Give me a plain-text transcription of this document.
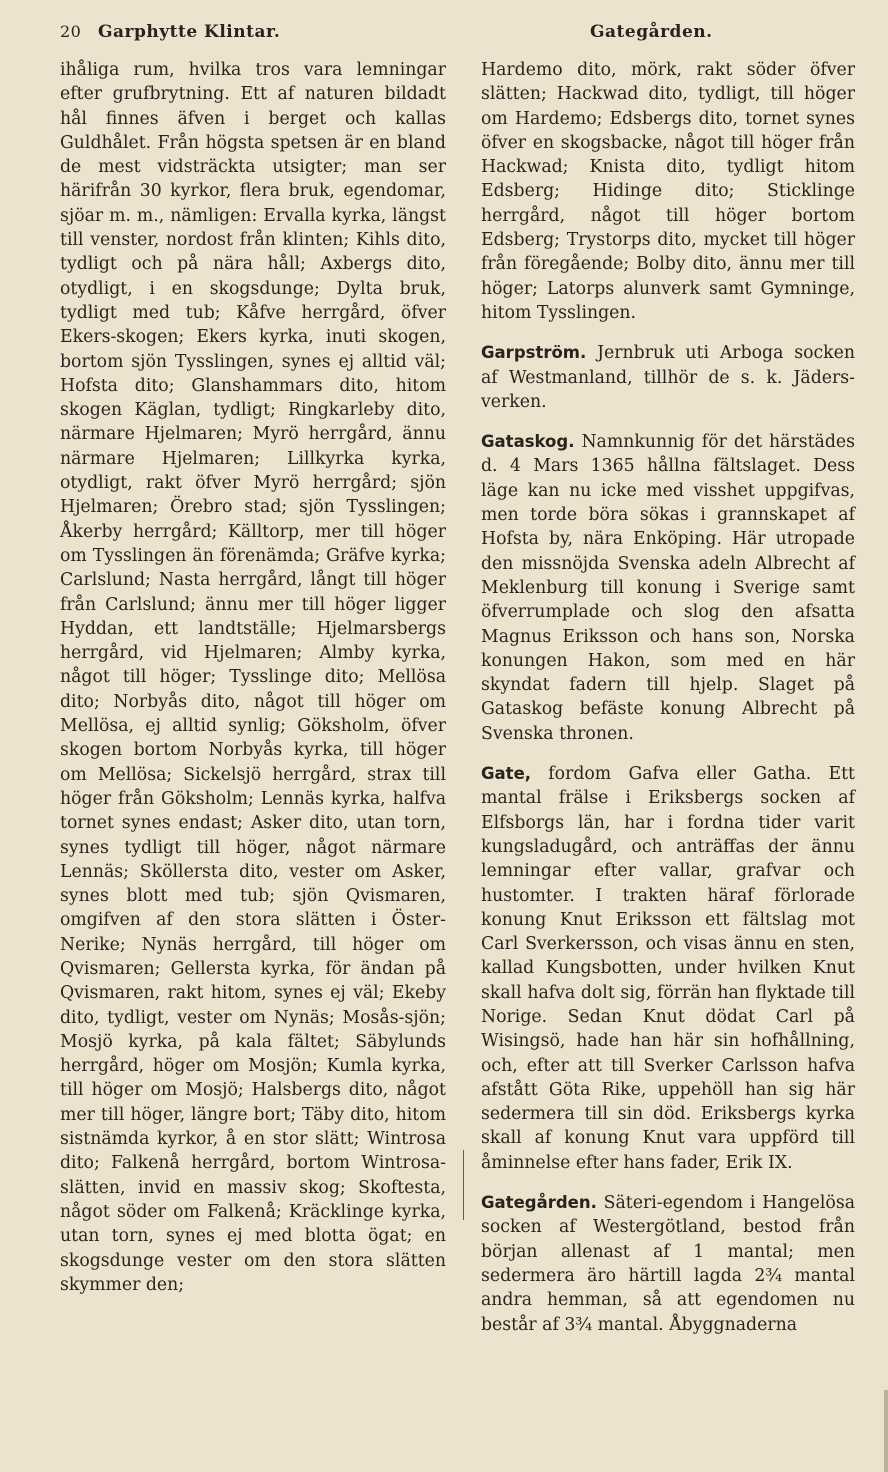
20 Garphytte Klintar.	Gategården.

ihåliga rum, hvilka tros vara lemningar efter grufbrytning. Ett af naturen bildadt hål finnes äfven i berget och kallas Guldhålet. Från högsta spetsen är en bland de mest vidsträckta utsigter; man ser härifrån 30 kyrkor, flera bruk, egendomar, sjöar m. m., nämligen: Ervalla kyrka, längst till venster, nordost från klinten; Kihls dito, tydligt och på nära håll; Axbergs dito, otydligt, i en skogsdunge; Dylta bruk, tydligt med tub; Kåfve herrgård, öfver Ekers-skogen; Ekers kyrka, inuti skogen, bortom sjön Tysslingen, synes ej alltid väl; Hofsta dito; Glanshammars dito, hitom skogen Käglan, tydligt; Ringkarleby dito, närmare Hjelmaren; Myrö herrgård, ännu närmare Hjelmaren; Lillkyrka kyrka, otydligt, rakt öfver Myrö herrgård; sjön Hjelmaren; Örebro stad; sjön Tysslingen; Åkerby herrgård; Källtorp, mer till höger om Tysslingen än förenämda; Gräfve kyrka; Carlslund; Nasta herrgård, långt till höger från Carlslund; ännu mer till höger ligger Hyddan, ett landtställe; Hjelmarsbergs herrgård, vid Hjelmaren; Almby kyrka, något till höger; Tysslinge dito; Mellösa dito; Norbyås dito, något till höger om Mellösa, ej alltid synlig; Göksholm, öfver skogen bortom Norbyås kyrka, till höger om Mellösa; Sickelsjö herrgård, strax till höger från Göksholm; Lennäs kyrka, halfva tornet synes endast; Asker dito, utan torn, synes tydligt till höger, något närmare Lennäs; Sköllersta dito, vester om Asker, synes blott med tub; sjön Qvismaren, omgifven af den stora slätten i Öster-Nerike; Nynäs herrgård, till höger om Qvismaren; Gellersta kyrka, för ändan på Qvismaren, rakt hitom, synes ej väl; Ekeby dito, tydligt, vester om Nynäs; Mosås-sjön; Mosjö kyrka, på kala fältet; Säbylunds herrgård, höger om Mosjön; Kumla kyrka, till höger om Mosjö; Halsbergs dito, något mer till höger, längre bort; Täby dito, hitom sistnämda kyrkor, å en stor slätt; Wintrosa dito; Falkenå herrgård, bortom Wintrosa-slätten, invid en massiv skog; Skoftesta, något söder om Falkenå; Kräcklinge kyrka, utan torn, synes ej med blotta ögat; en skogsdunge vester om den stora slätten skymmer den;

Hardemo dito, mörk, rakt söder öfver slätten; Hackwad dito, tydligt, till höger om Hardemo; Edsbergs dito, tornet synes öfver en skogsbacke, något till höger från Hackwad; Knista dito, tydligt hitom Edsberg; Hidinge dito; Sticklinge herrgård, något till höger bortom Edsberg; Trystorps dito, mycket till höger från föregående; Bolby dito, ännu mer till höger; Latorps alunverk samt Gymninge, hitom Tysslingen.

Garpström. Jernbruk uti Arboga socken af Westmanland, tillhör de s. k. Jäders-verken.

Gataskog. Namnkunnig för det härstädes d. 4 Mars 1365 hållna fältslaget. Dess läge kan nu icke med visshet uppgifvas, men torde böra sökas i grannskapet af Hofsta by, nära Enköping. Här utropade den missnöjda Svenska adeln Albrecht af Meklenburg till konung i Sverige samt öfverrumplade och slog den afsatta Magnus Eriksson och hans son, Norska konungen Hakon, som med en här skyndat fadern till hjelp. Slaget på Gataskog befäste konung Albrecht på Svenska thronen.

Gate, fordom Gafva eller Gatha. Ett mantal frälse i Eriksbergs socken af Elfsborgs län, har i fordna tider varit kungsladugård, och anträffas der ännu lemningar efter vallar, grafvar och hustomter. I trakten häraf förlorade konung Knut Eriksson ett fältslag mot Carl Sverkersson, och visas ännu en sten, kallad Kungsbotten, under hvilken Knut skall hafva dolt sig, förrän han flyktade till Norige. Sedan Knut dödat Carl på Wisingsö, hade han här sin hofhållning, och, efter att till Sverker Carlsson hafva afstått Göta Rike, uppehöll han sig här sedermera till sin död. Eriksbergs kyrka skall af konung Knut vara uppförd till åminnelse efter hans fader, Erik IX.

Gategården. Säteri-egendom i Hangelösa socken af Westergötland, bestod från början allenast af 1 mantal; men sedermera äro härtill lagda 2¾ mantal andra hemman, så att egendomen nu består af 3¾ mantal. Åbyggnaderna
